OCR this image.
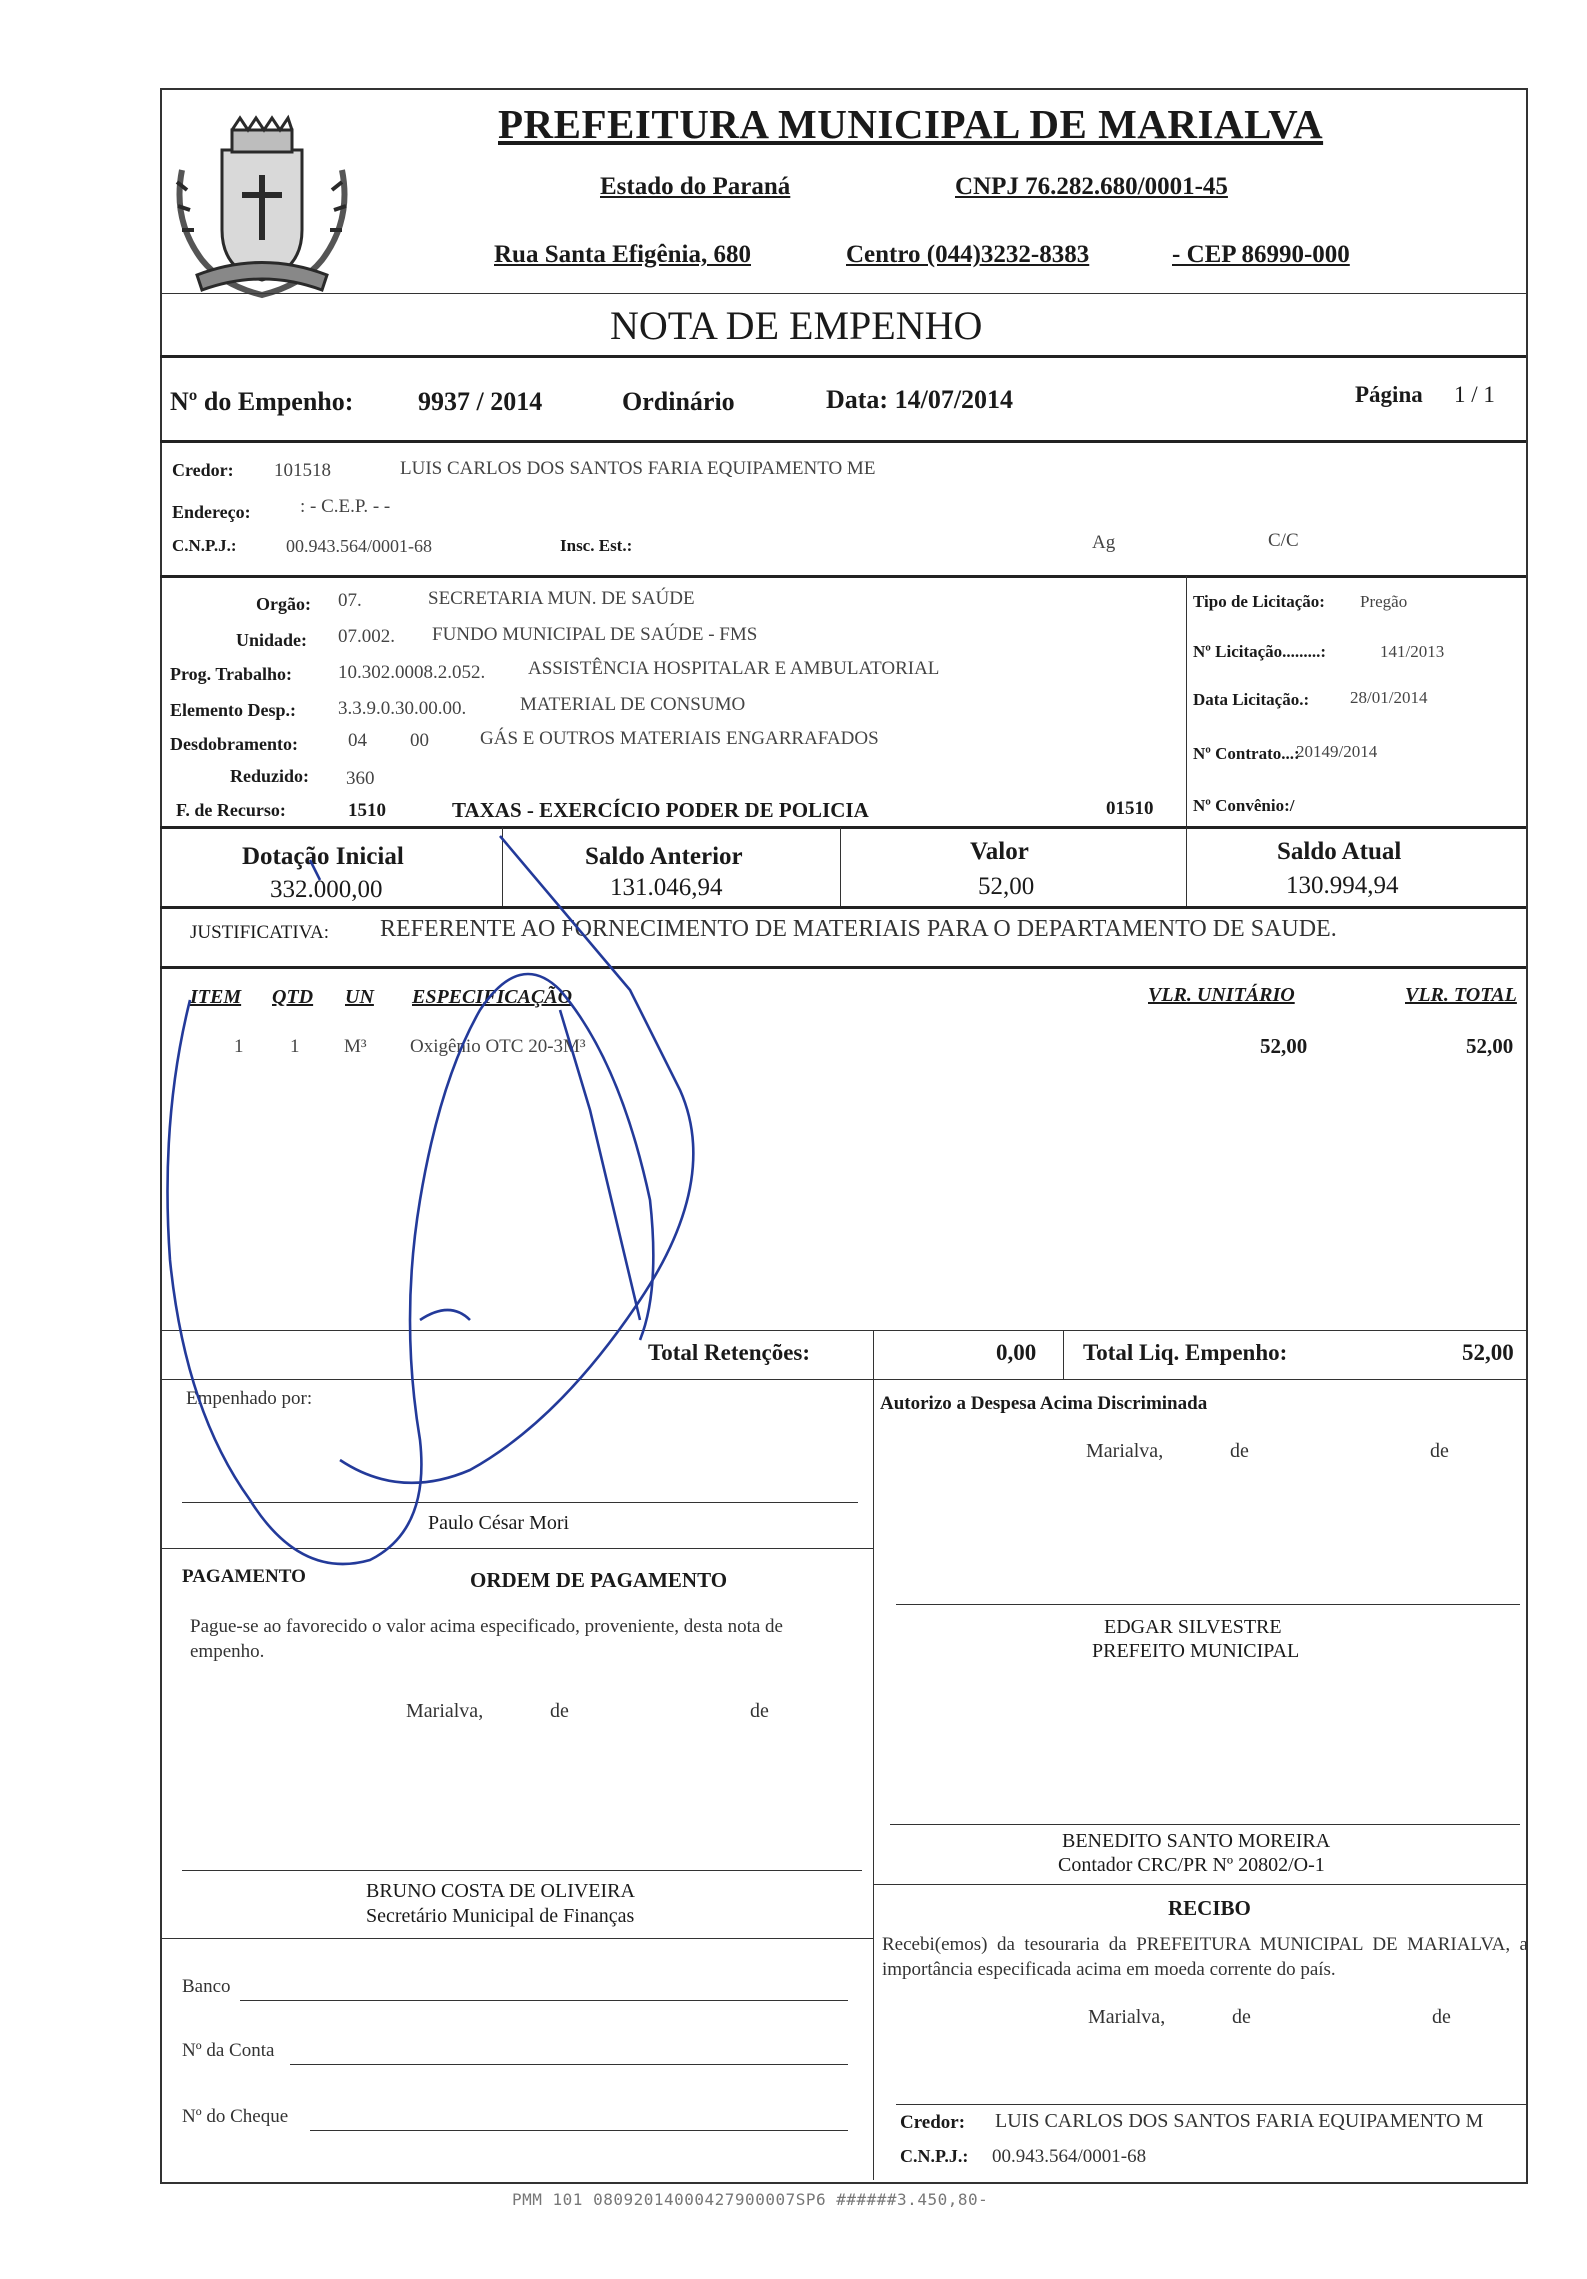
PREFEITURA MUNICIPAL DE MARIALVA
Estado do Paraná	CNPJ 76.282.680/0001-45
Rua Santa Efigênia, 680	Centro (044)3232-8383	- CEP 86990-000
NOTA DE EMPENHO
Nº do Empenho: 9937 / 2014	Ordinário	Data: 14/07/2014	Página 1 / 1
Credor: 101518	LUIS CARLOS DOS SANTOS FARIA EQUIPAMENTO ME
Endereço:	: - C.E.P. - -
C.N.P.J.:	00.943.564/0001-68	Insc. Est.:	Ag	C/C
Orgão: 07.	SECRETARIA MUN. DE SAÚDE
Unidade: 07.002. FUNDO MUNICIPAL DE SAÚDE - FMS
Prog. Trabalho: 10.302.0008.2.052. ASSISTÊNCIA HOSPITALAR E AMBULATORIAL
Elemento Desp.: 3.3.9.0.30.00.00.	MATERIAL DE CONSUMO
Desdobramento:	04 00	GÁS E OUTROS MATERIAIS ENGARRAFADOS
Reduzido: 360
F. de Recurso:	1510	TAXAS - EXERCÍCIO PODER DE POLICIA	01510
Tipo de Licitação: Pregão
Nº Licitação.........:	141/2013
Data Licitação.: 28/01/2014
Nº Contrato...:
20149/2014
Nº Convênio:/
Dotação Inicial
332.000,00
Saldo Anterior
131.046,94
Valor
52,00
Saldo Atual
130.994,94
JUSTIFICATIVA: REFERENTE AO FORNECIMENTO DE MATERIAIS PARA O DEPARTAMENTO DE SAUDE.
ITEM QTD UN ESPECIFICAÇÃO	VLR. UNITÁRIO	VLR. TOTAL
1 1 M³ Oxigênio OTC 20-3M³	52,00	52,00
Total Retenções:	0,00 Total Liq. Empenho:	52,00
Empenhado por:
Paulo César Mori
Autorizo a Despesa Acima Discriminada
Marialva,	de	de
EDGAR SILVESTRE
PREFEITO MUNICIPAL
PAGAMENTO	ORDEM DE PAGAMENTO
Pague-se ao favorecido o valor acima especificado, proveniente, desta nota de empenho.
Marialva,	de	de
BRUNO COSTA DE OLIVEIRA
Secretário Municipal de Finanças
BENEDITO SANTO MOREIRA
Contador CRC/PR Nº 20802/O-1
RECIBO
Recebi(emos) da tesouraria da PREFEITURA MUNICIPAL DE MARIALVA, a importância especificada acima em moeda corrente do país.
Marialva,	de	de
Credor: LUIS CARLOS DOS SANTOS FARIA EQUIPAMENTO M
C.N.P.J.: 00.943.564/0001-68
Banco
Nº da Conta
Nº do Cheque
PMM 101 08092014000427900007SP6 ######3.450,80-
